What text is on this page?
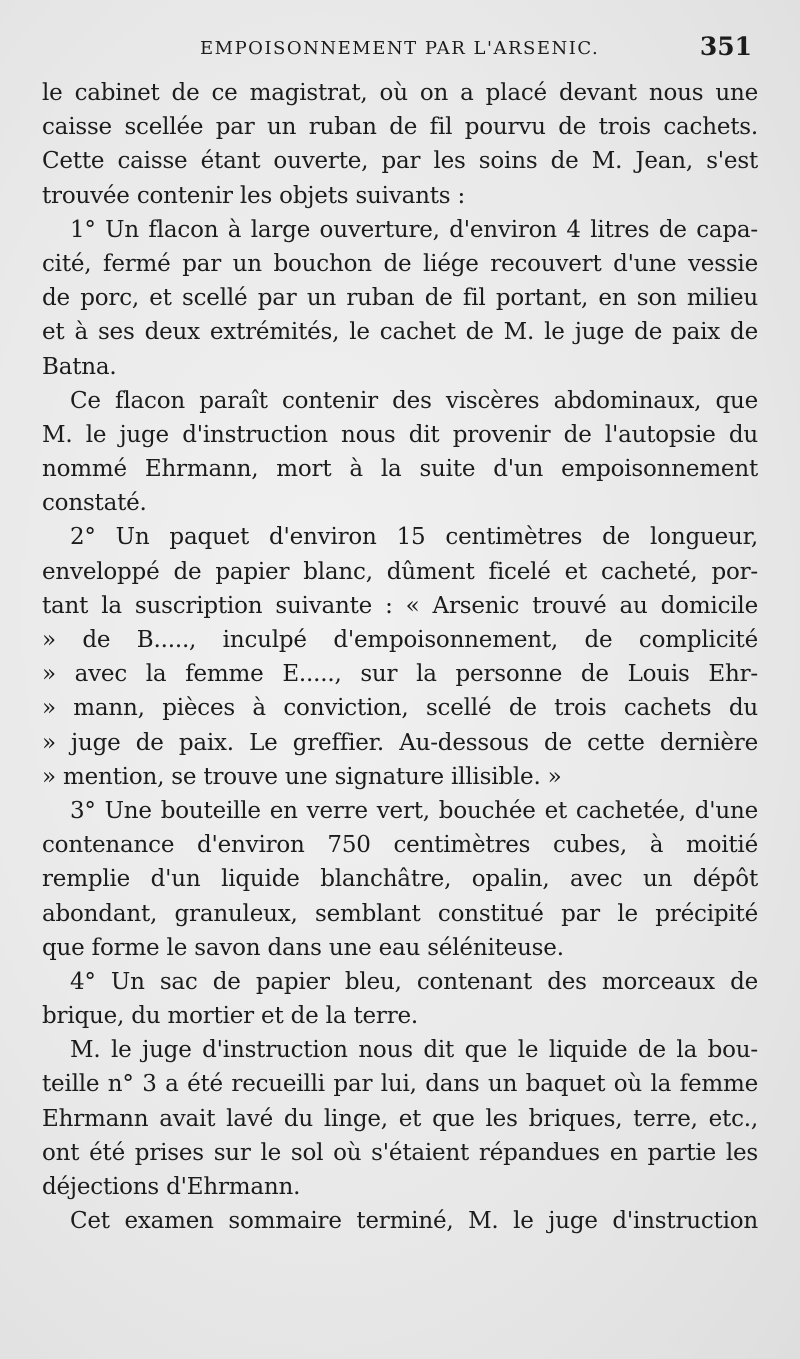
EMPOISONNEMENT PAR L'ARSENIC.	351
le cabinet de ce magistrat, où on a placé devant nous une
caisse scellée par un ruban de fil pourvu de trois cachets.
Cette caisse étant ouverte, par les soins de M. Jean, s'est
trouvée contenir les objets suivants :
1° Un flacon à large ouverture, d'environ 4 litres de capa-
cité, fermé par un bouchon de liége recouvert d'une vessie
de porc, et scellé par un ruban de fil portant, en son milieu
et à ses deux extrémités, le cachet de M. le juge de paix de
Batna.
Ce flacon paraît contenir des viscères abdominaux, que
M. le juge d'instruction nous dit provenir de l'autopsie du
nommé Ehrmann, mort à la suite d'un empoisonnement
constaté.
2° Un paquet d'environ 15 centimètres de longueur,
enveloppé de papier blanc, dûment ficelé et cacheté, por-
tant la suscription suivante : « Arsenic trouvé au domicile
» de B....., inculpé d'empoisonnement, de complicité
» avec la femme E....., sur la personne de Louis Ehr-
» mann, pièces à conviction, scellé de trois cachets du
» juge de paix. Le greffier. Au-dessous de cette dernière
» mention, se trouve une signature illisible. »
3° Une bouteille en verre vert, bouchée et cachetée, d'une
contenance d'environ 750 centimètres cubes, à moitié
remplie d'un liquide blanchâtre, opalin, avec un dépôt
abondant, granuleux, semblant constitué par le précipité
que forme le savon dans une eau séléniteuse.
4° Un sac de papier bleu, contenant des morceaux de
brique, du mortier et de la terre.
M. le juge d'instruction nous dit que le liquide de la bou-
teille n° 3 a été recueilli par lui, dans un baquet où la femme
Ehrmann avait lavé du linge, et que les briques, terre, etc.,
ont été prises sur le sol où s'étaient répandues en partie les
déjections d'Ehrmann.
Cet examen sommaire terminé, M. le juge d'instruction
